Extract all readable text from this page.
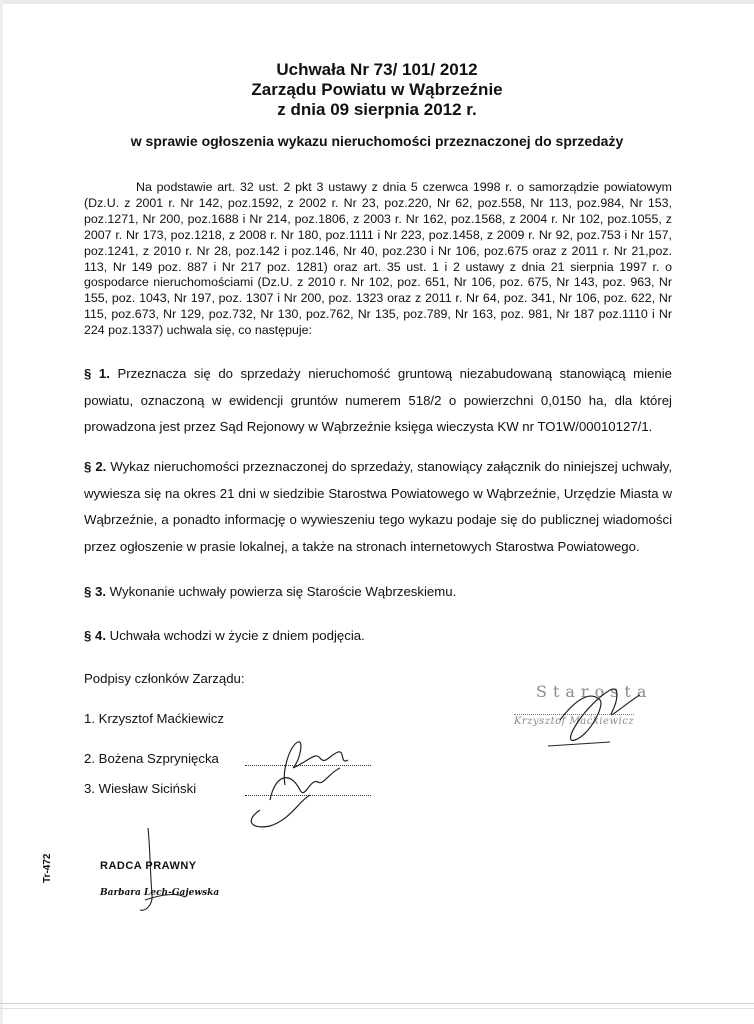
Uchwała Nr 73/ 101/ 2012
Zarządu Powiatu w Wąbrzeźnie
z dnia 09 sierpnia 2012 r.
w sprawie ogłoszenia wykazu nieruchomości przeznaczonej do sprzedaży
Na podstawie art. 32 ust. 2 pkt 3 ustawy z dnia 5 czerwca 1998 r. o samorządzie powiatowym (Dz.U. z 2001 r. Nr 142, poz.1592, z 2002 r. Nr 23, poz.220, Nr 62, poz.558, Nr 113, poz.984, Nr 153, poz.1271, Nr 200, poz.1688 i Nr 214, poz.1806, z 2003 r. Nr 162, poz.1568, z 2004 r. Nr 102, poz.1055, z 2007 r. Nr 173, poz.1218, z 2008 r. Nr 180, poz.1111 i Nr 223, poz.1458, z 2009 r. Nr 92, poz.753 i Nr 157, poz.1241, z 2010 r. Nr 28, poz.142 i poz.146, Nr 40, poz.230 i Nr 106, poz.675 oraz z 2011 r. Nr 21,poz. 113, Nr 149 poz. 887 i Nr 217 poz. 1281) oraz art. 35 ust. 1 i 2 ustawy z dnia 21 sierpnia 1997 r. o gospodarce nieruchomościami (Dz.U. z 2010 r. Nr 102, poz. 651, Nr 106, poz. 675, Nr 143, poz. 963, Nr 155, poz. 1043, Nr 197, poz. 1307 i Nr 200, poz. 1323 oraz z 2011 r. Nr 64, poz. 341, Nr 106, poz. 622, Nr 115, poz.673, Nr 129, poz.732, Nr 130, poz.762, Nr 135, poz.789, Nr 163, poz. 981, Nr 187 poz.1110 i Nr 224 poz.1337) uchwala się, co następuje:
§ 1. Przeznacza się do sprzedaży nieruchomość gruntową niezabudowaną stanowiącą mienie powiatu, oznaczoną w ewidencji gruntów numerem 518/2 o powierzchni 0,0150 ha, dla której prowadzona jest przez Sąd Rejonowy w Wąbrzeźnie księga wieczysta KW nr TO1W/00010127/1.
§ 2. Wykaz nieruchomości przeznaczonej do sprzedaży, stanowiący załącznik do niniejszej uchwały, wywiesza się na okres 21 dni w siedzibie Starostwa Powiatowego w Wąbrzeźnie, Urzędzie Miasta w Wąbrzeźnie, a ponadto informację o wywieszeniu tego wykazu podaje się do publicznej wiadomości przez ogłoszenie w prasie lokalnej, a także na stronach internetowych Starostwa Powiatowego.
§ 3. Wykonanie uchwały powierza się Staroście Wąbrzeskiemu.
§ 4. Uchwała wchodzi w życie z dniem podjęcia.
Podpisy członków Zarządu:
1. Krzysztof Maćkiewicz
2. Bożena Szprynięcka
3. Wiesław Siciński
Starosta
Krzysztof Maćkiewicz
Tr-472	RADCA PRAWNY
Barbara Lech-Gajewska
